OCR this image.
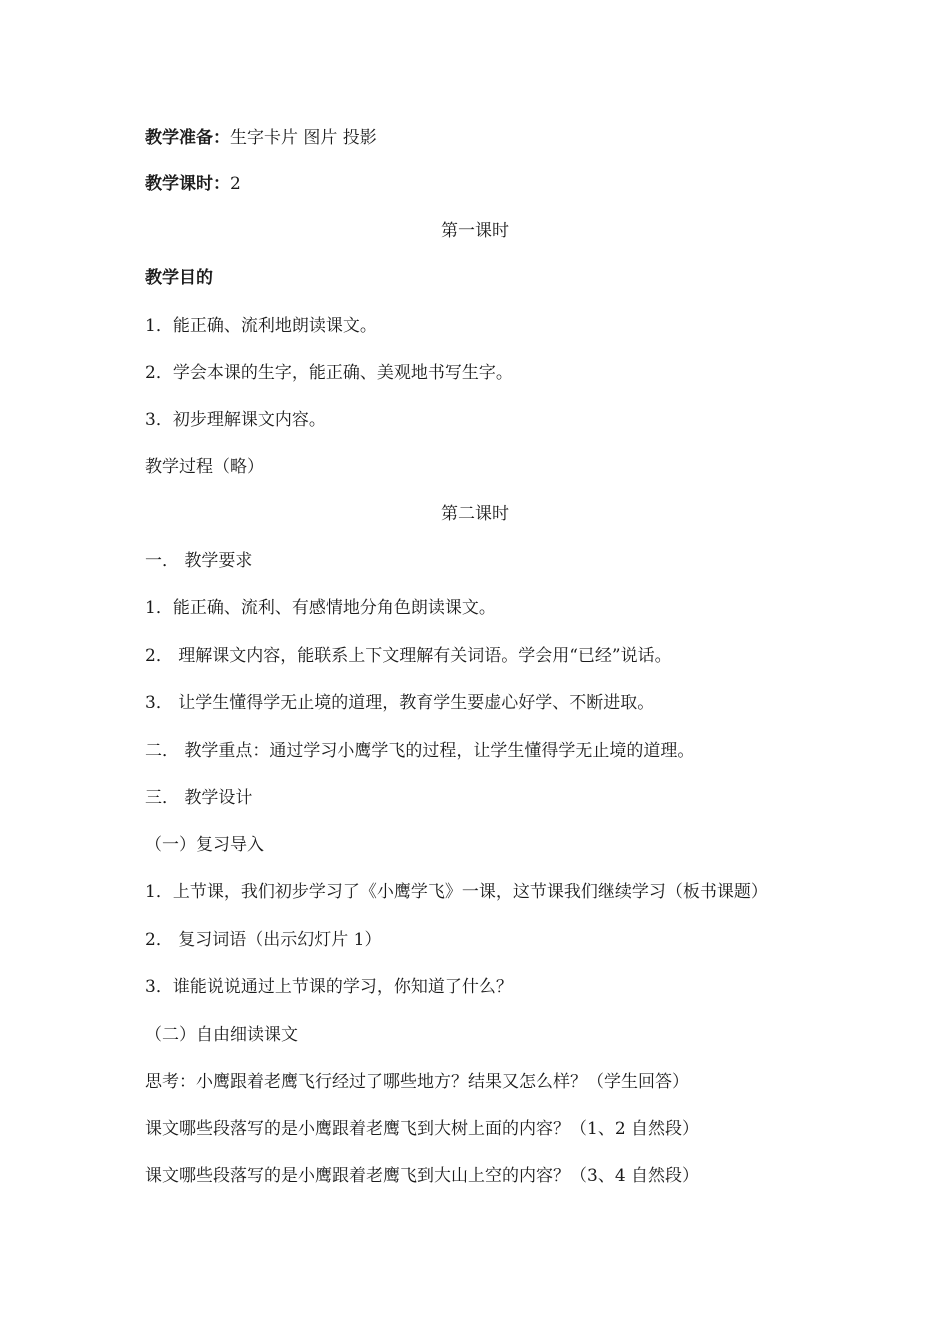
教学准备：生字卡片 图片 投影
教学课时：2
第一课时
教学目的
1．能正确、流利地朗读课文。
2．学会本课的生字，能正确、美观地书写生字。
3．初步理解课文内容。
教学过程（略）
第二课时
一． 教学要求
1．能正确、流利、有感情地分角色朗读课文。
2． 理解课文内容，能联系上下文理解有关词语。学会用“已经”说话。
3． 让学生懂得学无止境的道理，教育学生要虚心好学、不断进取。
二． 教学重点：通过学习小鹰学飞的过程，让学生懂得学无止境的道理。
三． 教学设计
（一）复习导入
1．上节课，我们初步学习了《小鹰学飞》一课，这节课我们继续学习（板书课题）
2． 复习词语（出示幻灯片 1）
3．谁能说说通过上节课的学习，你知道了什么？
（二）自由细读课文
思考：小鹰跟着老鹰飞行经过了哪些地方？结果又怎么样？（学生回答）
课文哪些段落写的是小鹰跟着老鹰飞到大树上面的内容？（1、2 自然段）
课文哪些段落写的是小鹰跟着老鹰飞到大山上空的内容？（3、4 自然段）
